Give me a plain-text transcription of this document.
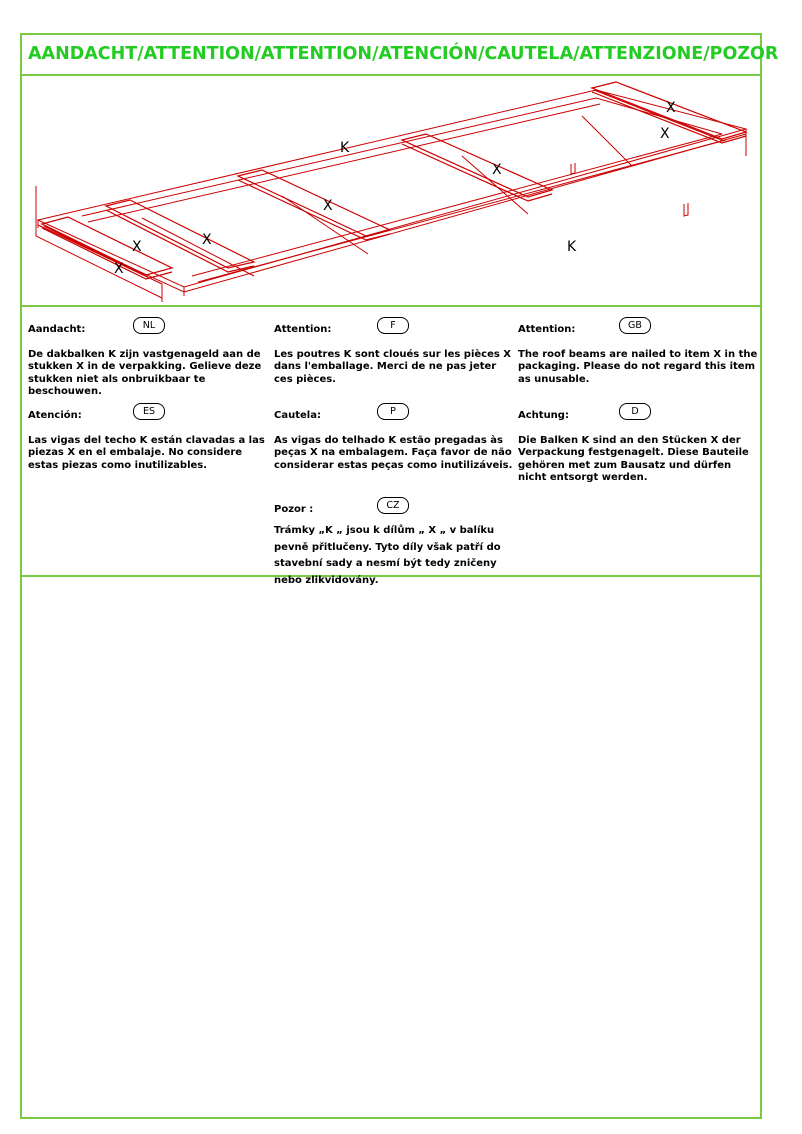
AANDACHT/ATTENTION/ATTENTION/ATENCIÓN/CAUTELA/ATTENZIONE/POZOR
K
K
X
X
X
X
X
X
X
Aandacht:	NL

De dakbalken K zijn vastgenageld aan de stukken X in de verpakking. Gelieve deze stukken niet als onbruikbaar te beschouwen.

Attention:	F

Les poutres K sont cloués sur les pièces X dans l'emballage. Merci de ne pas jeter ces pièces.

Attention:	GB

The roof beams are nailed to item X in the packaging. Please do not regard this item as unusable.

Atención:	ES

Las vigas del techo K están clavadas a las piezas X en el embalaje. No considere estas piezas como inutilizables.

Cautela:	P

As vigas do telhado K estão pregadas às peças X na embalagem. Faça favor de não considerar estas peças como inutilizáveis.

Achtung:	D

Die Balken K sind an den Stücken X der Verpackung festgenagelt. Diese Bauteile gehören met zum Bausatz und dürfen nicht entsorgt werden.

Pozor :	CZ

Trámky „K „ jsou k dílům „ X „ v balíku pevně přitlučeny. Tyto díly však patří do stavební sady a nesmí být tedy zničeny nebo zlikvidovány.
